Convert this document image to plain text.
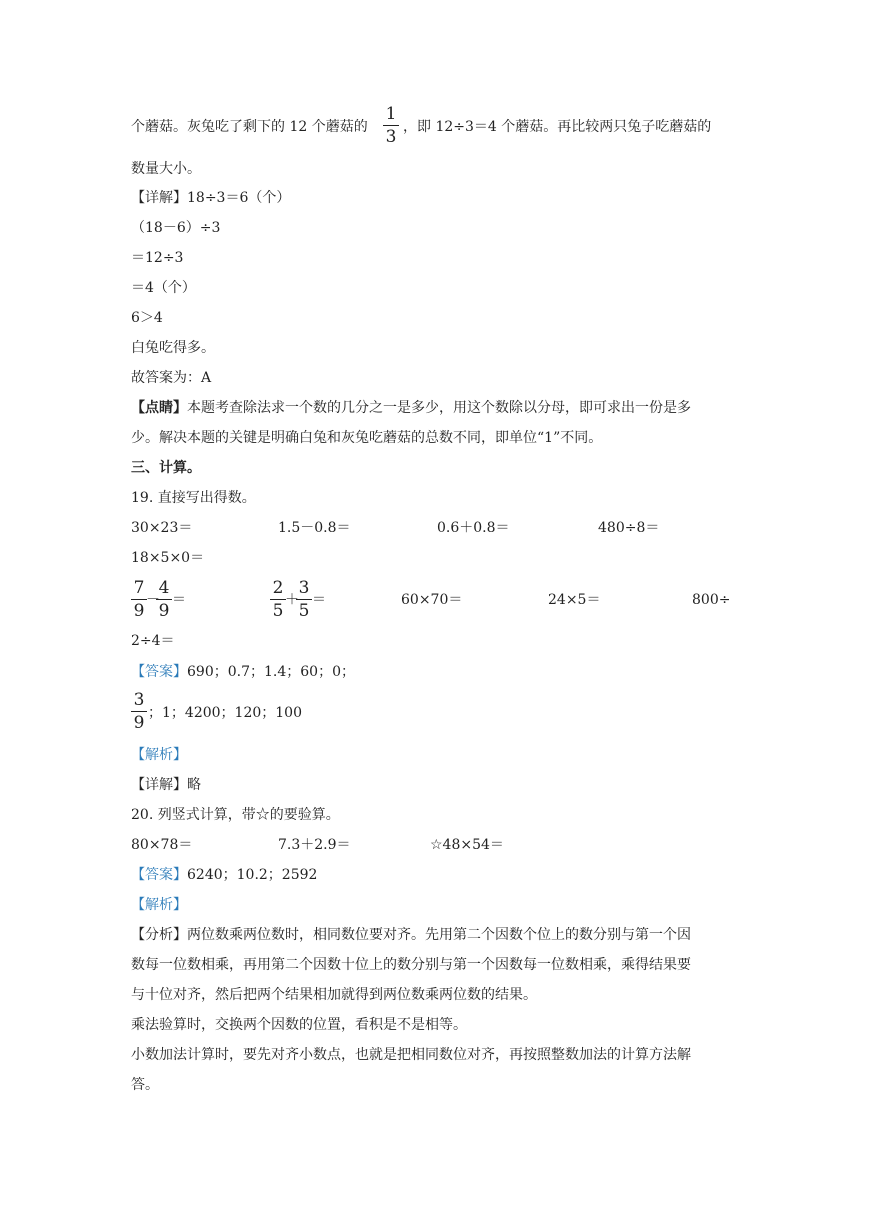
个蘑菇。灰兔吃了剩下的 12 个蘑菇的
1
3 ，即 12÷3＝4 个蘑菇。再比较两只兔子吃蘑菇的
数量大小。
【详解】18÷3＝6（个）
（18－6）÷3
＝12÷3
＝4（个）
6＞4
白兔吃得多。
故答案为：A
【点睛】本题考查除法求一个数的几分之一是多少，用这个数除以分母，即可求出一份是多
少。解决本题的关键是明确白兔和灰兔吃蘑菇的总数不同，即单位“1”不同。
三、计算。
19. 直接写出得数。
30×23＝	1.5－0.8＝	0.6＋0.8＝	480÷8＝
18×5×0＝
7
9
－
4
9
＝
2
5
＋
3
5
＝	60×70＝	24×5＝	800÷
2÷4＝
【答案】690；0.7；1.4；60；0；
3
9 ；1；4200；120；100
【解析】
【详解】略
20. 列竖式计算，带☆的要验算。
80×78＝	7.3＋2.9＝	☆48×54＝
【答案】6240；10.2；2592
【解析】
【分析】两位数乘两位数时，相同数位要对齐。先用第二个因数个位上的数分别与第一个因
数每一位数相乘，再用第二个因数十位上的数分别与第一个因数每一位数相乘，乘得结果要
与十位对齐，然后把两个结果相加就得到两位数乘两位数的结果。
乘法验算时，交换两个因数的位置，看积是不是相等。
小数加法计算时，要先对齐小数点，也就是把相同数位对齐，再按照整数加法的计算方法解
答。
